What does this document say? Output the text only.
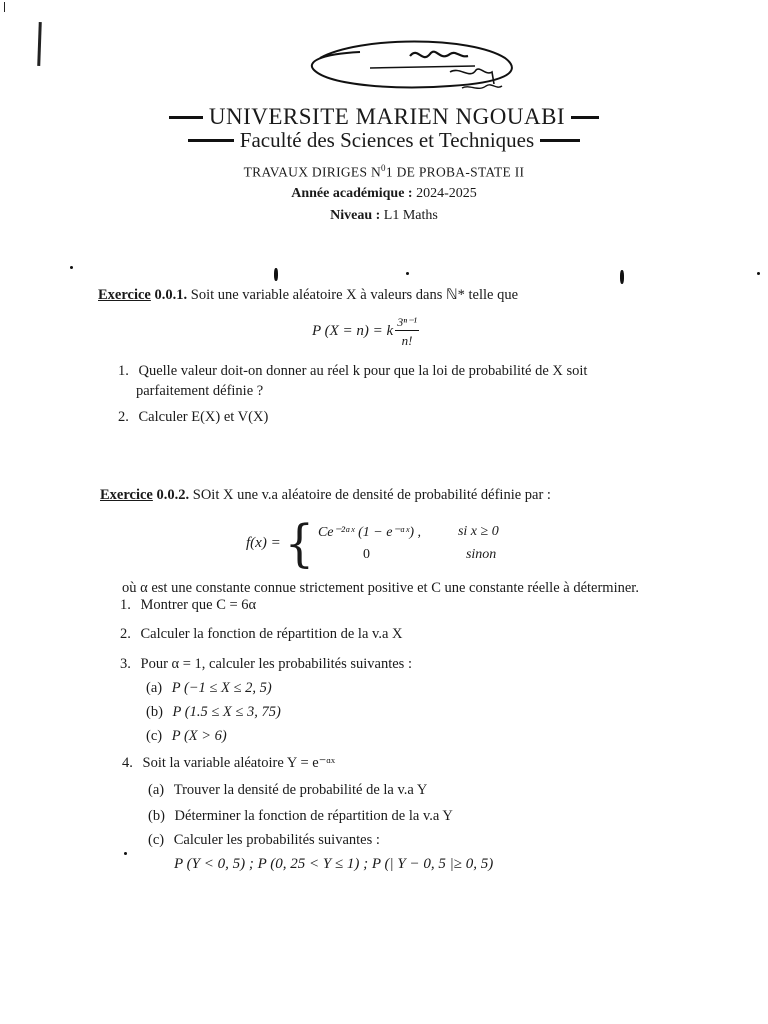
UNIVERSITE MARIEN NGOUABI
Faculté des Sciences et Techniques
TRAVAUX DIRIGES $N^01$ DE PROBA-STATE II
Année académique : 2024-2025
Niveau : L1 Maths
Exercice 0.0.1. Soit une variable aléatoire X à valeurs dans ℕ* telle que
P (X = n) = k $\frac{\text{3ⁿ⁻¹}}{n!}$
1. Quelle valeur doit-on donner au réel k pour que la loi de probabilité de X soit
parfaitement définie ?
2. Calculer E(X) et V(X)
Exercice 0.0.2. SOit X une v.a aléatoire de densité de probabilité définie par :
f(x) = { Ce⁻²ᵅˣ (1 − e⁻ᵅˣ) ,	si x ≥ 0
0	sinon
où α est une constante connue strictement positive et C une constante réelle à déterminer.
1. Montrer que C = 6α
2. Calculer la fonction de répartition de la v.a X
3. Pour α = 1, calculer les probabilités suivantes :
(a) P (−1 ≤ X ≤ 2, 5)
(b) P (1.5 ≤ X ≤ 3, 75)
(c) P (X > 6)
4. Soit la variable aléatoire Y = e⁻ᵅˣ
(a) Trouver la densité de probabilité de la v.a Y
(b) Déterminer la fonction de répartition de la v.a Y
(c) Calculer les probabilités suivantes :
P (Y < 0, 5) ; P (0, 25 < Y ≤ 1) ; P (| Y − 0, 5 |≥ 0, 5)
